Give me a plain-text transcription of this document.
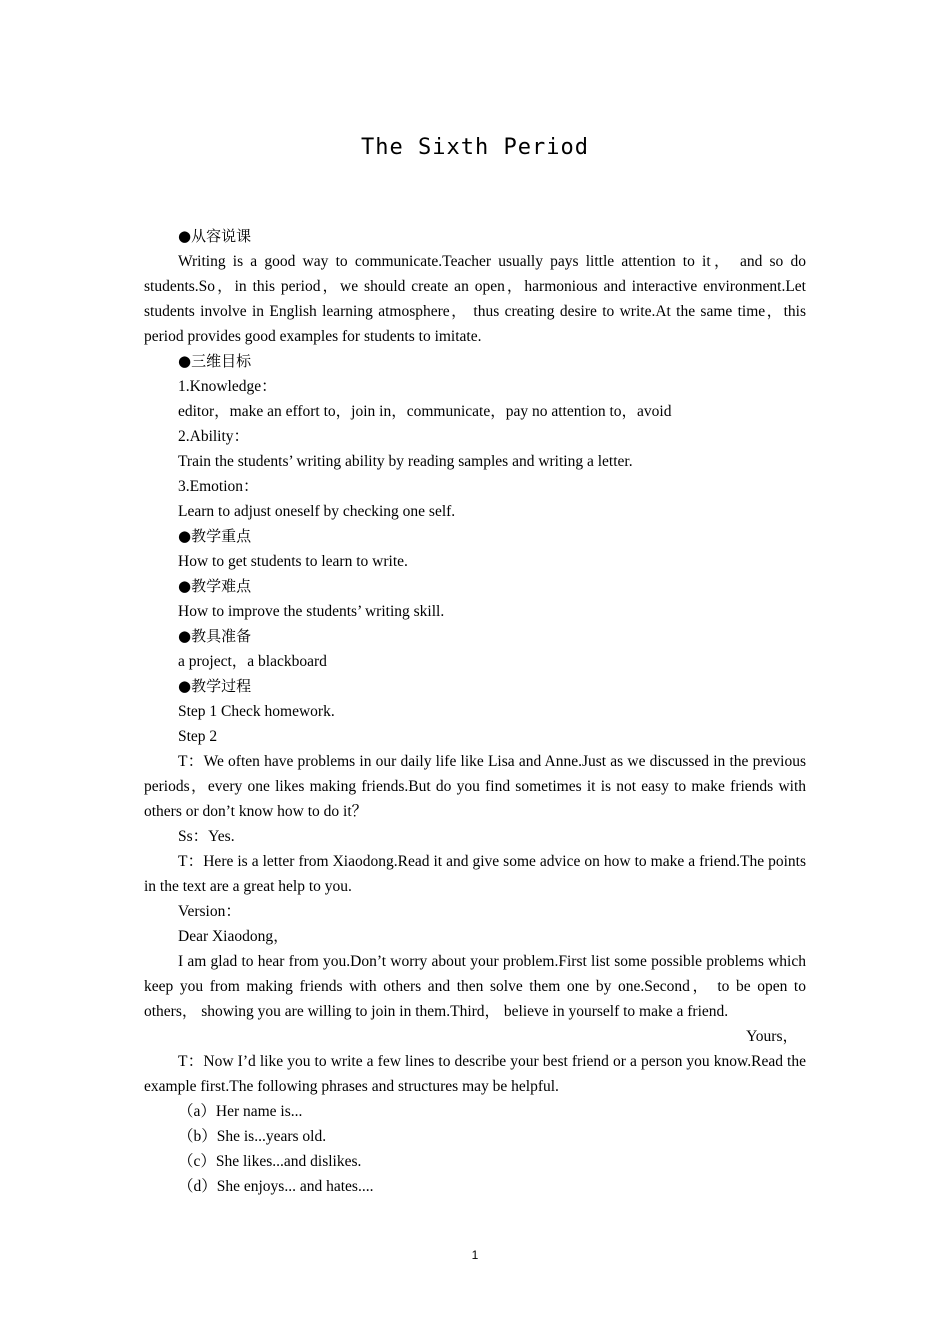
The Sixth Period

●从容说课

Writing is a good way to communicate.Teacher usually pays little attention to it， and so do students.So，in this period，we should create an open，harmonious and interactive environment.Let students involve in English learning atmosphere， thus creating desire to write.At the same time，this period provides good examples for students to imitate.

●三维目标

1.Knowledge：

editor，make an effort to，join in，communicate，pay no attention to，avoid

2.Ability：

Train the students’ writing ability by reading samples and writing a letter.

3.Emotion：

Learn to adjust oneself by checking one self.

●教学重点

How to get students to learn to write.

●教学难点

How to improve the students’ writing skill.

●教具准备

a project，a blackboard

●教学过程

Step 1 Check homework.

Step 2

T：We often have problems in our daily life like Lisa and Anne.Just as we discussed in the previous periods，every one likes making friends.But do you find sometimes it is not easy to make friends with others or don’t know how to do it？

Ss：Yes.

T：Here is a letter from Xiaodong.Read it and give some advice on how to make a friend.The points in the text are a great help to you.

Version：

Dear Xiaodong，

I am glad to hear from you.Don’t worry about your problem.First list some possible problems which keep you from making friends with others and then solve them one by one.Second， to be open to others， showing you are willing to join in them.Third， believe in yourself to make a friend.

Yours，

T：Now I’d like you to write a few lines to describe your best friend or a person you know.Read the example first.The following phrases and structures may be helpful.

（a）Her name is...

（b）She is...years old.

（c）She likes...and dislikes.

（d）She enjoys... and hates....

1
